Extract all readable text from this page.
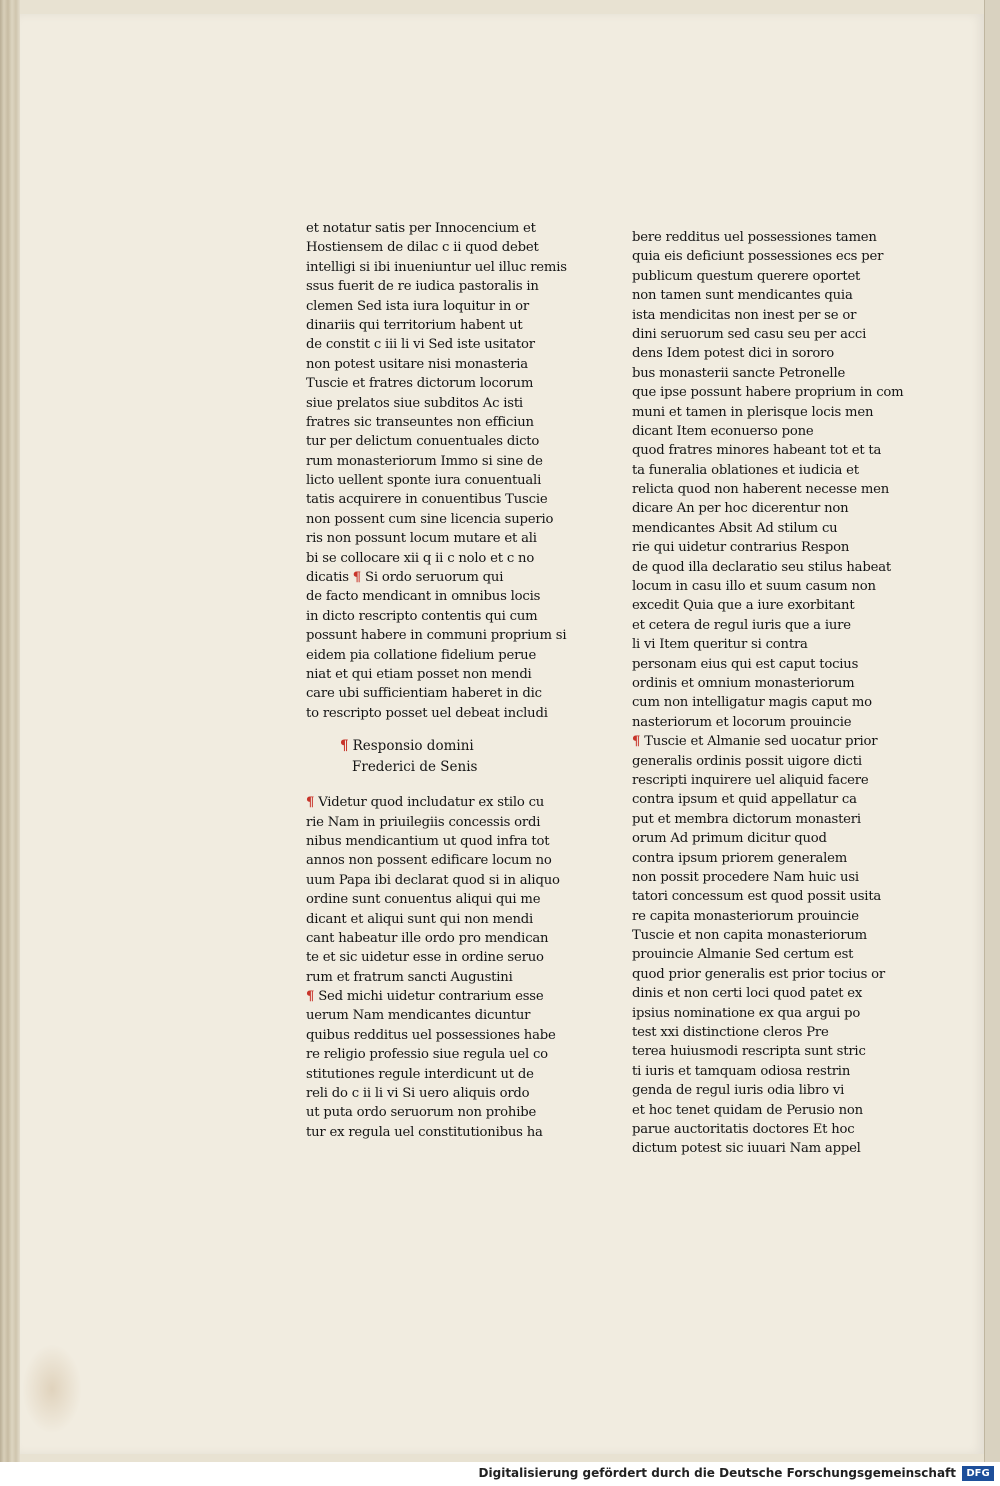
et notatur satis per Innocencium et
Hostiensem de dilac c ii quod debet
intelligi si ibi inueniuntur uel illuc remis
ssus fuerit de re iudica pastoralis in
clemen Sed ista iura loquitur in or
dinariis qui territorium habent ut
de constit c iii li vi Sed iste usitator
non potest usitare nisi monasteria
Tuscie et fratres dictorum locorum
siue prelatos siue subditos Ac isti
fratres sic transeuntes non efficiun
tur per delictum conuentuales dicto
rum monasteriorum Immo si sine de
licto uellent sponte iura conuentuali
tatis acquirere in conuentibus Tuscie
non possent cum sine licencia superio
ris non possunt locum mutare et ali
bi se collocare xii q ii c nolo et c no
dicatis ¶ Si ordo seruorum qui
de facto mendicant in omnibus locis
in dicto rescripto contentis qui cum
possunt habere in communi proprium si
eidem pia collatione fidelium perue
niat et qui etiam posset non mendi
care ubi sufficientiam haberet in dic
to rescripto posset uel debeat includi
¶ Responsio domini
Frederici de Senis
¶ Videtur quod includatur ex stilo cu
rie Nam in priuilegiis concessis ordi
nibus mendicantium ut quod infra tot
annos non possent edificare locum no
uum Papa ibi declarat quod si in aliquo
ordine sunt conuentus aliqui qui me
dicant et aliqui sunt qui non mendi
cant habeatur ille ordo pro mendican
te et sic uidetur esse in ordine seruo
rum et fratrum sancti Augustini
¶ Sed michi uidetur contrarium esse
uerum Nam mendicantes dicuntur
quibus redditus uel possessiones habe
re religio professio siue regula uel co
stitutiones regule interdicunt ut de
reli do c ii li vi Si uero aliquis ordo
ut puta ordo seruorum non prohibe
tur ex regula uel constitutionibus ha
bere redditus uel possessiones tamen
quia eis deficiunt possessiones ecs per
publicum questum querere oportet
non tamen sunt mendicantes quia
ista mendicitas non inest per se or
dini seruorum sed casu seu per acci
dens Idem potest dici in sororo
bus monasterii sancte Petronelle
que ipse possunt habere proprium in com
muni et tamen in plerisque locis men
dicant Item econuerso pone
quod fratres minores habeant tot et ta
ta funeralia oblationes et iudicia et
relicta quod non haberent necesse men
dicare An per hoc dicerentur non
mendicantes Absit Ad stilum cu
rie qui uidetur contrarius Respon
de quod illa declaratio seu stilus habeat
locum in casu illo et suum casum non
excedit Quia que a iure exorbitant
et cetera de regul iuris que a iure
li vi Item queritur si contra
personam eius qui est caput tocius
ordinis et omnium monasteriorum
cum non intelligatur magis caput mo
nasteriorum et locorum prouincie
¶ Tuscie et Almanie sed uocatur prior
generalis ordinis possit uigore dicti
rescripti inquirere uel aliquid facere
contra ipsum et quid appellatur ca
put et membra dictorum monasteri
orum Ad primum dicitur quod
contra ipsum priorem generalem
non possit procedere Nam huic usi
tatori concessum est quod possit usita
re capita monasteriorum prouincie
Tuscie et non capita monasteriorum
prouincie Almanie Sed certum est
quod prior generalis est prior tocius or
dinis et non certi loci quod patet ex
ipsius nominatione ex qua argui po
test xxi distinctione cleros Pre
terea huiusmodi rescripta sunt stric
ti iuris et tamquam odiosa restrin
genda de regul iuris odia libro vi
et hoc tenet quidam de Perusio non
parue auctoritatis doctores Et hoc
dictum potest sic iuuari Nam appel
Digitalisierung gefördert durch die Deutsche Forschungsgemeinschaft	DFG
